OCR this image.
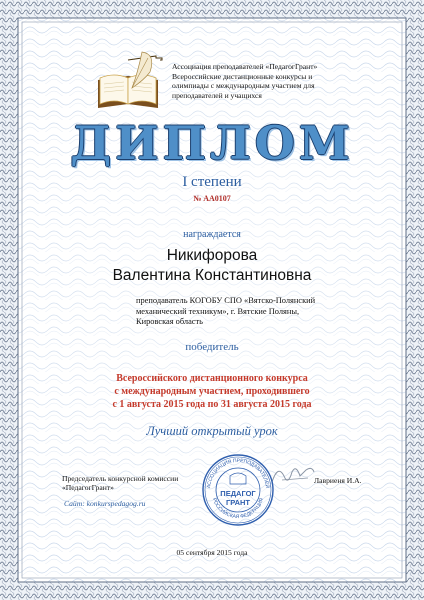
Ассоциация преподавателей «ПедагогГрант»
Всероссийские дистанционные конкурсы и
олимпиады с международным участием для
преподавателей и учащихся
ДИПЛОМ
I степени
№ АА0107
награждается
Никифорова
Валентина Константиновна
преподаватель КОГОБУ СПО «Вятско-Полянский
механический техникум», г. Вятские Поляны,
Кировская область
победитель
Всероссийского дистанционного конкурса
с международным участием, проходившего
с 1 августа 2015 года по 31 августа 2015 года
Лучший открытый урок
Председатель конкурсной комиссии
«ПедагогГрант»
Сайт: konkurspedagog.ru
Лавриеня И.А.
АССОЦИАЦИЯ ПРЕПОДАВАТЕЛЕЙ
РОССИЙСКАЯ ФЕДЕРАЦИЯ
ПЕДАГОГ
ГРАНТ
05 сентября 2015 года
